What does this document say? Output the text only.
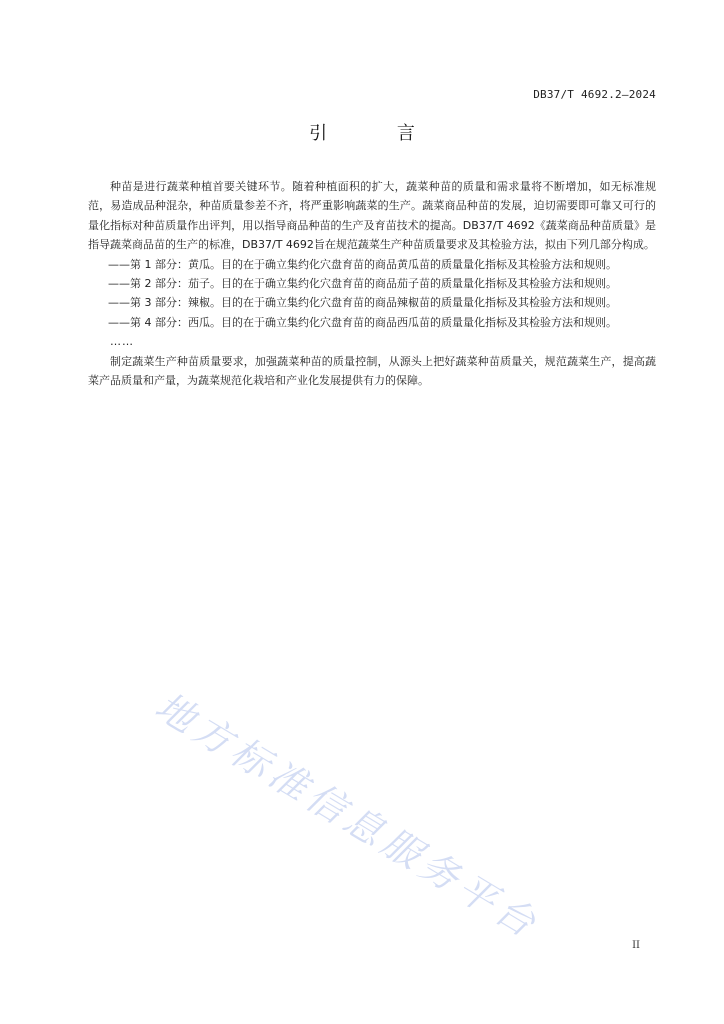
DB37/T 4692.2—2024
引 言

种苗是进行蔬菜种植首要关键环节。随着种植面积的扩大，蔬菜种苗的质量和需求量将不断增加，如无标准规范，易造成品种混杂，种苗质量参差不齐，将严重影响蔬菜的生产。蔬菜商品种苗的发展，迫切需要即可靠又可行的量化指标对种苗质量作出评判，用以指导商品种苗的生产及育苗技术的提高。DB37/T 4692《蔬菜商品种苗质量》是指导蔬菜商品苗的生产的标准，DB37/T 4692旨在规范蔬菜生产种苗质量要求及其检验方法，拟由下列几部分构成。

——第 1 部分：黄瓜。目的在于确立集约化穴盘育苗的商品黄瓜苗的质量量化指标及其检验方法和规则。

——第 2 部分：茄子。目的在于确立集约化穴盘育苗的商品茄子苗的质量量化指标及其检验方法和规则。

——第 3 部分：辣椒。目的在于确立集约化穴盘育苗的商品辣椒苗的质量量化指标及其检验方法和规则。

——第 4 部分：西瓜。目的在于确立集约化穴盘育苗的商品西瓜苗的质量量化指标及其检验方法和规则。

……

制定蔬菜生产种苗质量要求，加强蔬菜种苗的质量控制，从源头上把好蔬菜种苗质量关，规范蔬菜生产，提高蔬菜产品质量和产量，为蔬菜规范化栽培和产业化发展提供有力的保障。

地方标准信息服务平台	II
